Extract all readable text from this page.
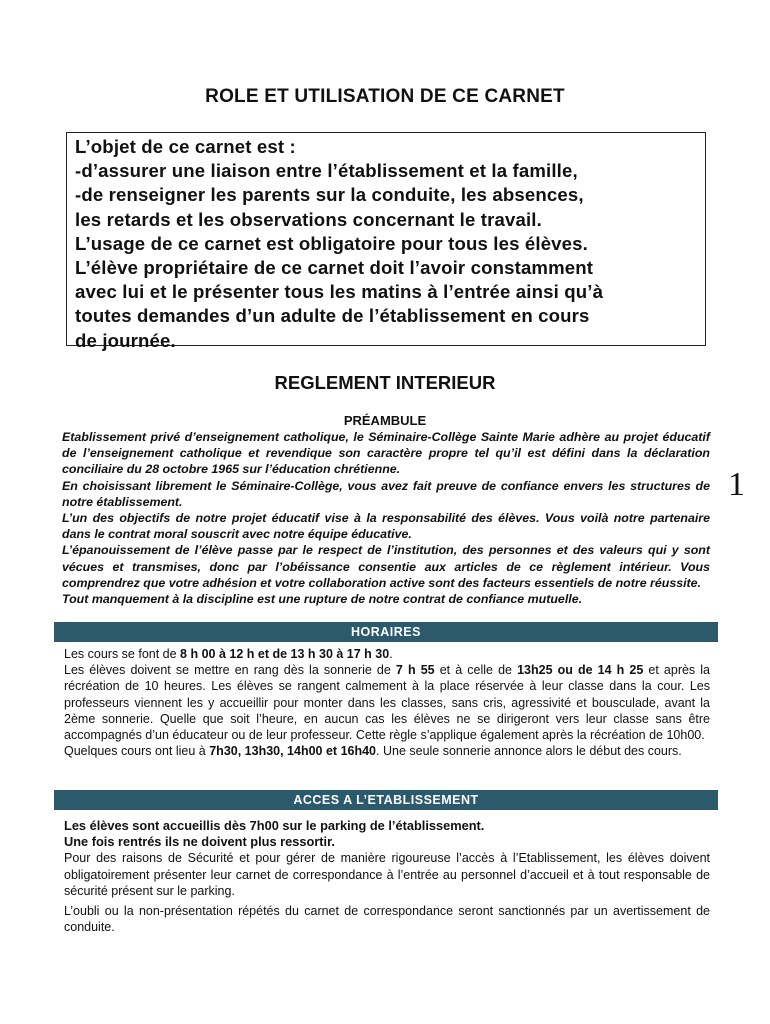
ROLE ET UTILISATION DE CE CARNET
L’objet de ce carnet est :
-d’assurer une liaison entre l’établissement et la famille,
-de renseigner les parents sur la conduite, les absences,
les retards et les observations concernant le travail.
L’usage de ce carnet est obligatoire pour tous les élèves.
L’élève propriétaire de ce carnet doit l’avoir constamment
avec lui et le présenter tous les matins à l’entrée ainsi qu’à
toutes demandes d’un adulte de l’établissement en cours
de journée.
REGLEMENT INTERIEUR
PRÉAMBULE

Etablissement privé d’enseignement catholique, le Séminaire-Collège Sainte Marie adhère au projet éducatif de l’enseignement catholique et revendique son caractère propre tel qu’il est défini dans la déclaration conciliaire du 28 octobre 1965 sur l’éducation chrétienne.

En choisissant librement le Séminaire-Collège, vous avez fait preuve de confiance envers les structures de notre établissement.

L’un des objectifs de notre projet éducatif vise à la responsabilité des élèves. Vous voilà notre partenaire dans le contrat moral souscrit avec notre équipe éducative.

L’épanouissement de l’élève passe par le respect de l’institution, des personnes et des valeurs qui y sont vécues et transmises, donc par l’obéissance consentie aux articles de ce règlement intérieur. Vous comprendrez que votre adhésion et votre collaboration active sont des facteurs essentiels de notre réussite.

Tout manquement à la discipline est une rupture de notre contrat de confiance mutuelle.

1
HORAIRES

Les cours se font de 8 h 00 à 12 h et de 13 h 30 à 17 h 30.

Les élèves doivent se mettre en rang dès la sonnerie de 7 h 55 et à celle de 13h25 ou de 14 h 25 et après la récréation de 10 heures. Les élèves se rangent calmement à la place réservée à leur classe dans la cour. Les professeurs viennent les y accueillir pour monter dans les classes, sans cris, agressivité et bousculade, avant la 2ème sonnerie. Quelle que soit l’heure, en aucun cas les élèves ne se dirigeront vers leur classe sans être accompagnés d’un éducateur ou de leur professeur. Cette règle s’applique également après la récréation de 10h00.

Quelques cours ont lieu à 7h30, 13h30, 14h00 et 16h40. Une seule sonnerie annonce alors le début des cours.

ACCES A L’ETABLISSEMENT

Les élèves sont accueillis dès 7h00 sur le parking de l’établissement.

Une fois rentrés ils ne doivent plus ressortir.

Pour des raisons de Sécurité et pour gérer de manière rigoureuse l’accès à l’Etablissement, les élèves doivent obligatoirement présenter leur carnet de correspondance à l’entrée au personnel d’accueil et à tout responsable de sécurité présent sur le parking.

L’oubli ou la non-présentation répétés du carnet de correspondance seront sanctionnés par un avertissement de conduite.
